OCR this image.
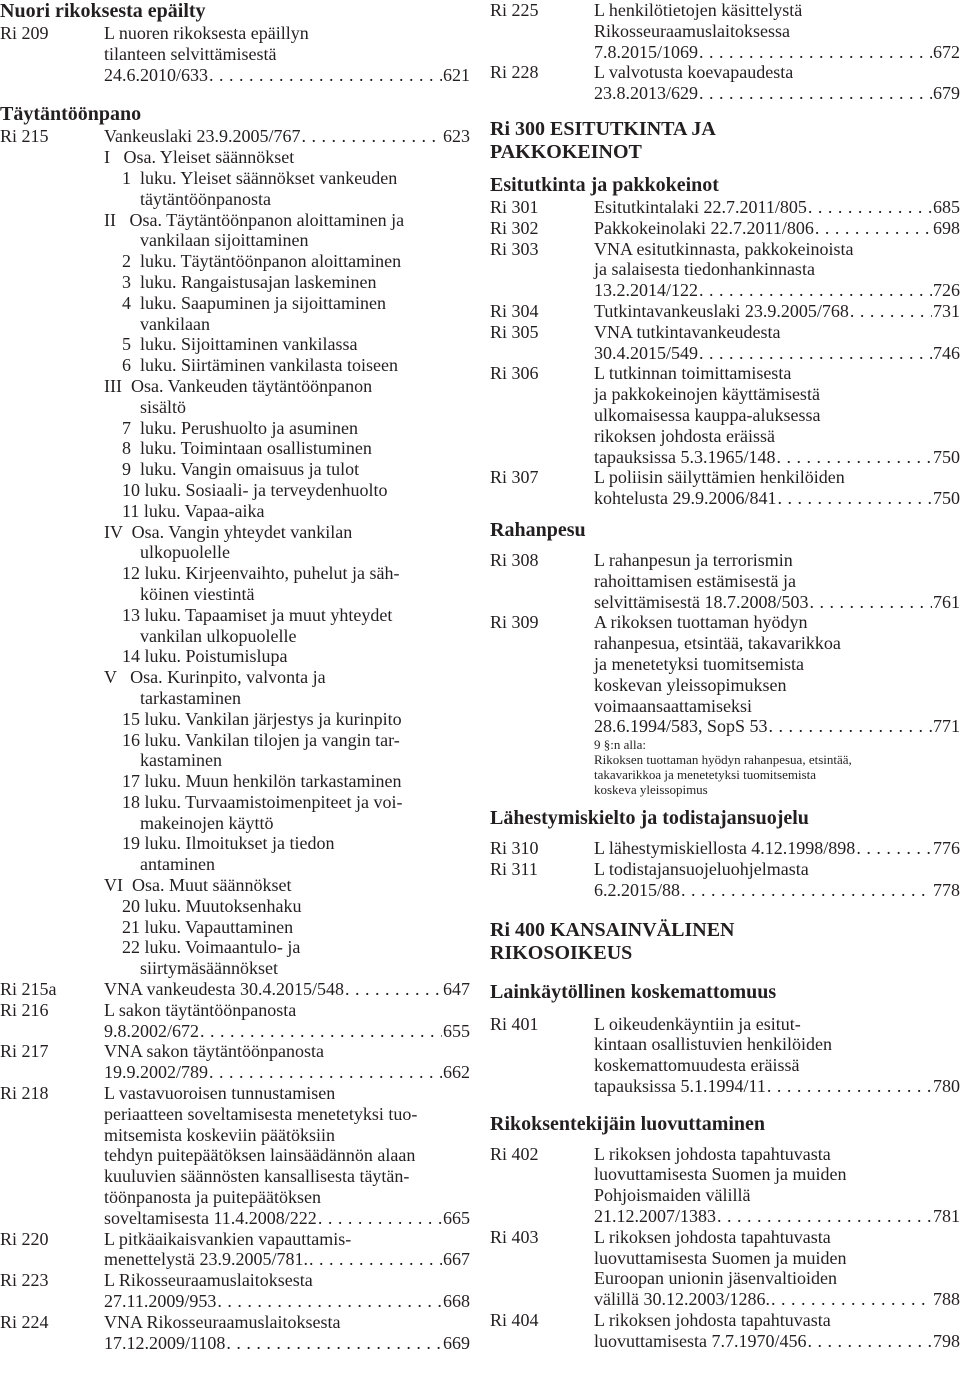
Nuori rikoksesta epäilty
Ri 209	L nuoren rikoksesta epäillyn
tilanteen selvittämisestä
24.6.2010/633 . . .	621
Täytäntöönpano
Ri 215	Vankeuslaki 23.9.2005/767 . . .	623
I   Osa. Yleiset säännökset
1  luku. Yleiset säännökset vankeuden
täytäntöönpanosta
II   Osa. Täytäntöönpanon aloittaminen ja
vankilaan sijoittaminen
2  luku. Täytäntöönpanon aloittaminen
3  luku. Rangaistusajan laskeminen
4  luku. Saapuminen ja sijoittaminen
vankilaan
5  luku. Sijoittaminen vankilassa
6  luku. Siirtäminen vankilasta toiseen
III  Osa. Vankeuden täytäntöönpanon
sisältö
7  luku. Perushuolto ja asuminen
8  luku. Toimintaan osallistuminen
9  luku. Vangin omaisuus ja tulot
10 luku. Sosiaali- ja terveydenhuolto
11 luku. Vapaa-aika
IV  Osa. Vangin yhteydet vankilan
ulkopuolelle
12 luku. Kirjeenvaihto, puhelut ja säh-
köinen viestintä
13 luku. Tapaamiset ja muut yhteydet
vankilan ulkopuolelle
14 luku. Poistumislupa
V   Osa. Kurinpito, valvonta ja
tarkastaminen
15 luku. Vankilan järjestys ja kurinpito
16 luku. Vankilan tilojen ja vangin tar-
kastaminen
17 luku. Muun henkilön tarkastaminen
18 luku. Turvaamistoimenpiteet ja voi-
makeinojen käyttö
19 luku. Ilmoitukset ja tiedon
antaminen
VI  Osa. Muut säännökset
20 luku. Muutoksenhaku
21 luku. Vapauttaminen
22 luku. Voimaantulo- ja
siirtymäsäännökset
Ri 215a	VNA vankeudesta 30.4.2015/548 . . .	647
Ri 216	L sakon täytäntöönpanosta
9.8.2002/672 . . .	655
Ri 217	VNA sakon täytäntöönpanosta
19.9.2002/789 . . .	662
Ri 218	L vastavuoroisen tunnustamisen
periaatteen soveltamisesta menetetyksi tuo-
mitsemista koskeviin päätöksiin
tehdyn puitepäätöksen lainsäädännön alaan
kuuluvien säännösten kansallisesta täytän-
töönpanosta ja puitepäätöksen
soveltamisesta 11.4.2008/222 . . .	665
Ri 220	L pitkäaikaisvankien vapauttamis-
menettelystä 23.9.2005/781. . . .	667
Ri 223	L Rikosseuraamuslaitoksesta
27.11.2009/953 . . .	668
Ri 224	VNA Rikosseuraamuslaitoksesta
17.12.2009/1108 . . .	669
Ri 225	L henkilötietojen käsittelystä
Rikosseuraamuslaitoksessa
7.8.2015/1069 . . .	672
Ri 228	L valvotusta koevapaudesta
23.8.2013/629 . . .	679
Ri 300 ESITUTKINTA JA
PAKKOKEINOT
Esitutkinta ja pakkokeinot
Ri 301	Esitutkintalaki 22.7.2011/805 . . .	685
Ri 302	Pakkokeinolaki 22.7.2011/806 . . .	698
Ri 303	VNA esitutkinnasta, pakkokeinoista
ja salaisesta tiedonhankinnasta
13.2.2014/122 . . .	726
Ri 304	Tutkintavankeuslaki 23.9.2005/768 . . .	731
Ri 305	VNA tutkintavankeudesta
30.4.2015/549 . . .	746
Ri 306	L tutkinnan toimittamisesta
ja pakkokeinojen käyttämisestä
ulkomaisessa kauppa-aluksessa
rikoksen johdosta eräissä
tapauksissa 5.3.1965/148 . . .	750
Ri 307	L poliisin säilyttämien henkilöiden
kohtelusta 29.9.2006/841 . . .	750
Rahanpesu
Ri 308	L rahanpesun ja terrorismin
rahoittamisen estämisestä ja
selvittämisestä 18.7.2008/503 . . .	761
Ri 309	A rikoksen tuottaman hyödyn
rahanpesua, etsintää, takavarikkoa
ja menetetyksi tuomitsemista
koskevan yleissopimuksen
voimaansaattamiseksi
28.6.1994/583, SopS 53 . . .	771
9 §:n alla:
Rikoksen tuottaman hyödyn rahanpesua, etsintää,
takavarikkoa ja menetetyksi tuomitsemista
koskeva yleissopimus
Lähestymiskielto ja todistajansuojelu
Ri 310	L lähestymiskiellosta 4.12.1998/898 . . .	776
Ri 311	L todistajansuojeluohjelmasta
6.2.2015/88 . . .	778
Ri 400 KANSAINVÄLINEN
RIKOSOIKEUS
Lainkäytöllinen koskemattomuus
Ri 401	L oikeudenkäyntiin ja esitut-
kintaan osallistuvien henkilöiden
koskemattomuudesta eräissä
tapauksissa 5.1.1994/11 . . .	780
Rikoksentekijäin luovuttaminen
Ri 402	L rikoksen johdosta tapahtuvasta
luovuttamisesta Suomen ja muiden
Pohjoismaiden välillä
21.12.2007/1383 . . .	781
Ri 403	L rikoksen johdosta tapahtuvasta
luovuttamisesta Suomen ja muiden
Euroopan unionin jäsenvaltioiden
välillä 30.12.2003/1286. . . .	788
Ri 404	L rikoksen johdosta tapahtuvasta
luovuttamisesta 7.7.1970/456 . . .	798
